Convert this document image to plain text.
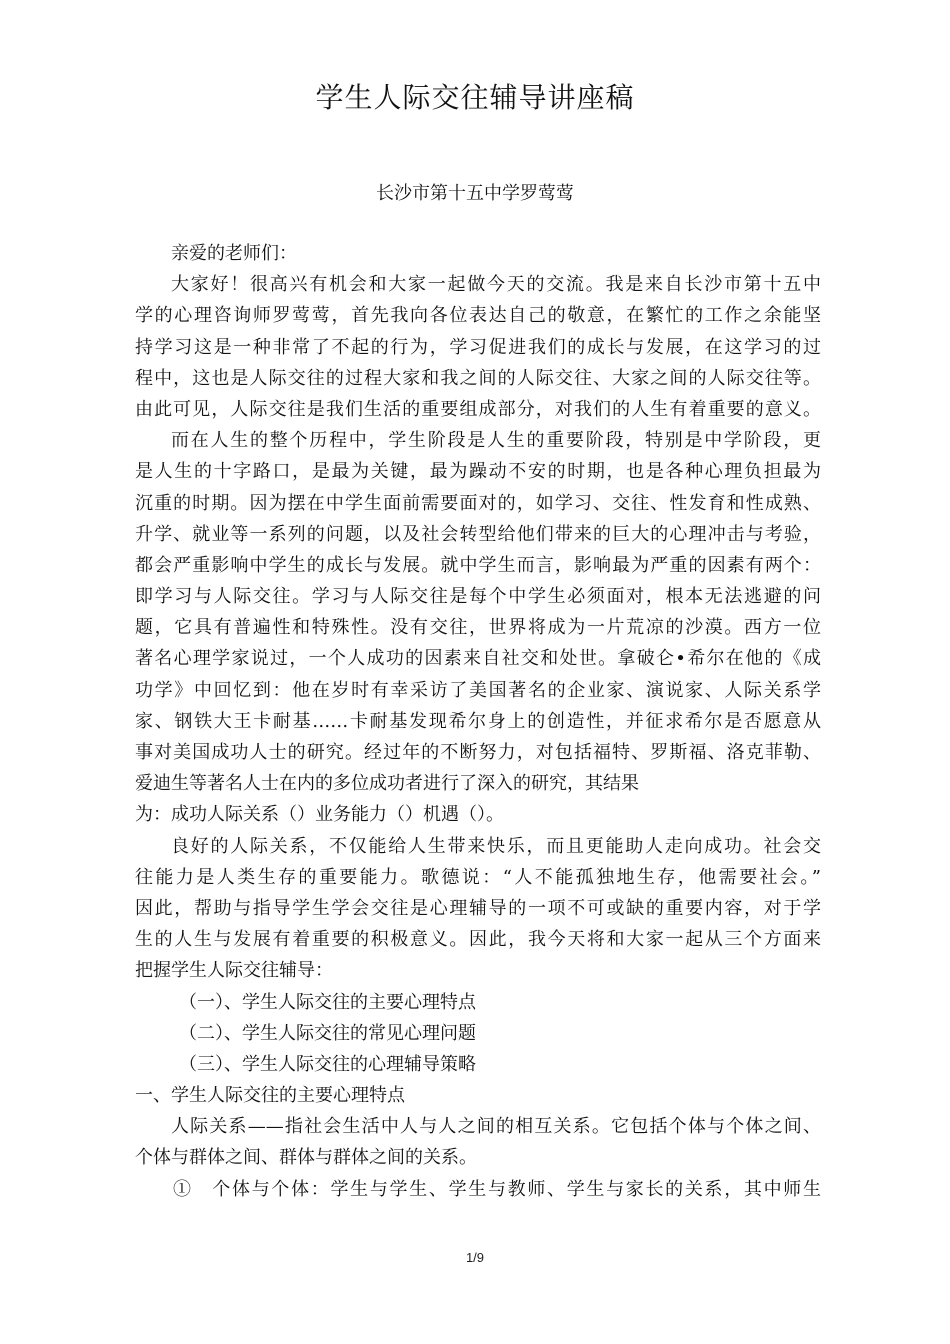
学生人际交往辅导讲座稿
长沙市第十五中学罗莺莺
亲爱的老师们：
大家好！很高兴有机会和大家一起做今天的交流。我是来自长沙市第十五中
学的心理咨询师罗莺莺，首先我向各位表达自己的敬意，在繁忙的工作之余能坚
持学习这是一种非常了不起的行为，学习促进我们的成长与发展，在这学习的过
程中，这也是人际交往的过程大家和我之间的人际交往、大家之间的人际交往等。
由此可见，人际交往是我们生活的重要组成部分，对我们的人生有着重要的意义。
而在人生的整个历程中，学生阶段是人生的重要阶段，特别是中学阶段，更
是人生的十字路口，是最为关键，最为躁动不安的时期，也是各种心理负担最为
沉重的时期。因为摆在中学生面前需要面对的，如学习、交往、性发育和性成熟、
升学、就业等一系列的问题，以及社会转型给他们带来的巨大的心理冲击与考验，
都会严重影响中学生的成长与发展。就中学生而言，影响最为严重的因素有两个：
即学习与人际交往。学习与人际交往是每个中学生必须面对，根本无法逃避的问
题，它具有普遍性和特殊性。没有交往，世界将成为一片荒凉的沙漠。西方一位
著名心理学家说过，一个人成功的因素来自社交和处世。拿破仑•希尔在他的《成
功学》中回忆到：他在岁时有幸采访了美国著名的企业家、演说家、人际关系学
家、钢铁大王卡耐基……卡耐基发现希尔身上的创造性，并征求希尔是否愿意从
事对美国成功人士的研究。经过年的不断努力，对包括福特、罗斯福、洛克菲勒、
爱迪生等著名人士在内的多位成功者进行了深入的研究，其结果
为：成功人际关系（）业务能力（）机遇（）。
良好的人际关系，不仅能给人生带来快乐，而且更能助人走向成功。社会交
往能力是人类生存的重要能力。歌德说：“人不能孤独地生存，他需要社会。”
因此，帮助与指导学生学会交往是心理辅导的一项不可或缺的重要内容，对于学
生的人生与发展有着重要的积极意义。因此，我今天将和大家一起从三个方面来
把握学生人际交往辅导：
（一）、学生人际交往的主要心理特点
（二）、学生人际交往的常见心理问题
（三）、学生人际交往的心理辅导策略
一、学生人际交往的主要心理特点
人际关系——指社会生活中人与人之间的相互关系。它包括个体与个体之间、
个体与群体之间、群体与群体之间的关系。
①　个体与个体：学生与学生、学生与教师、学生与家长的关系，其中师生
1/9
